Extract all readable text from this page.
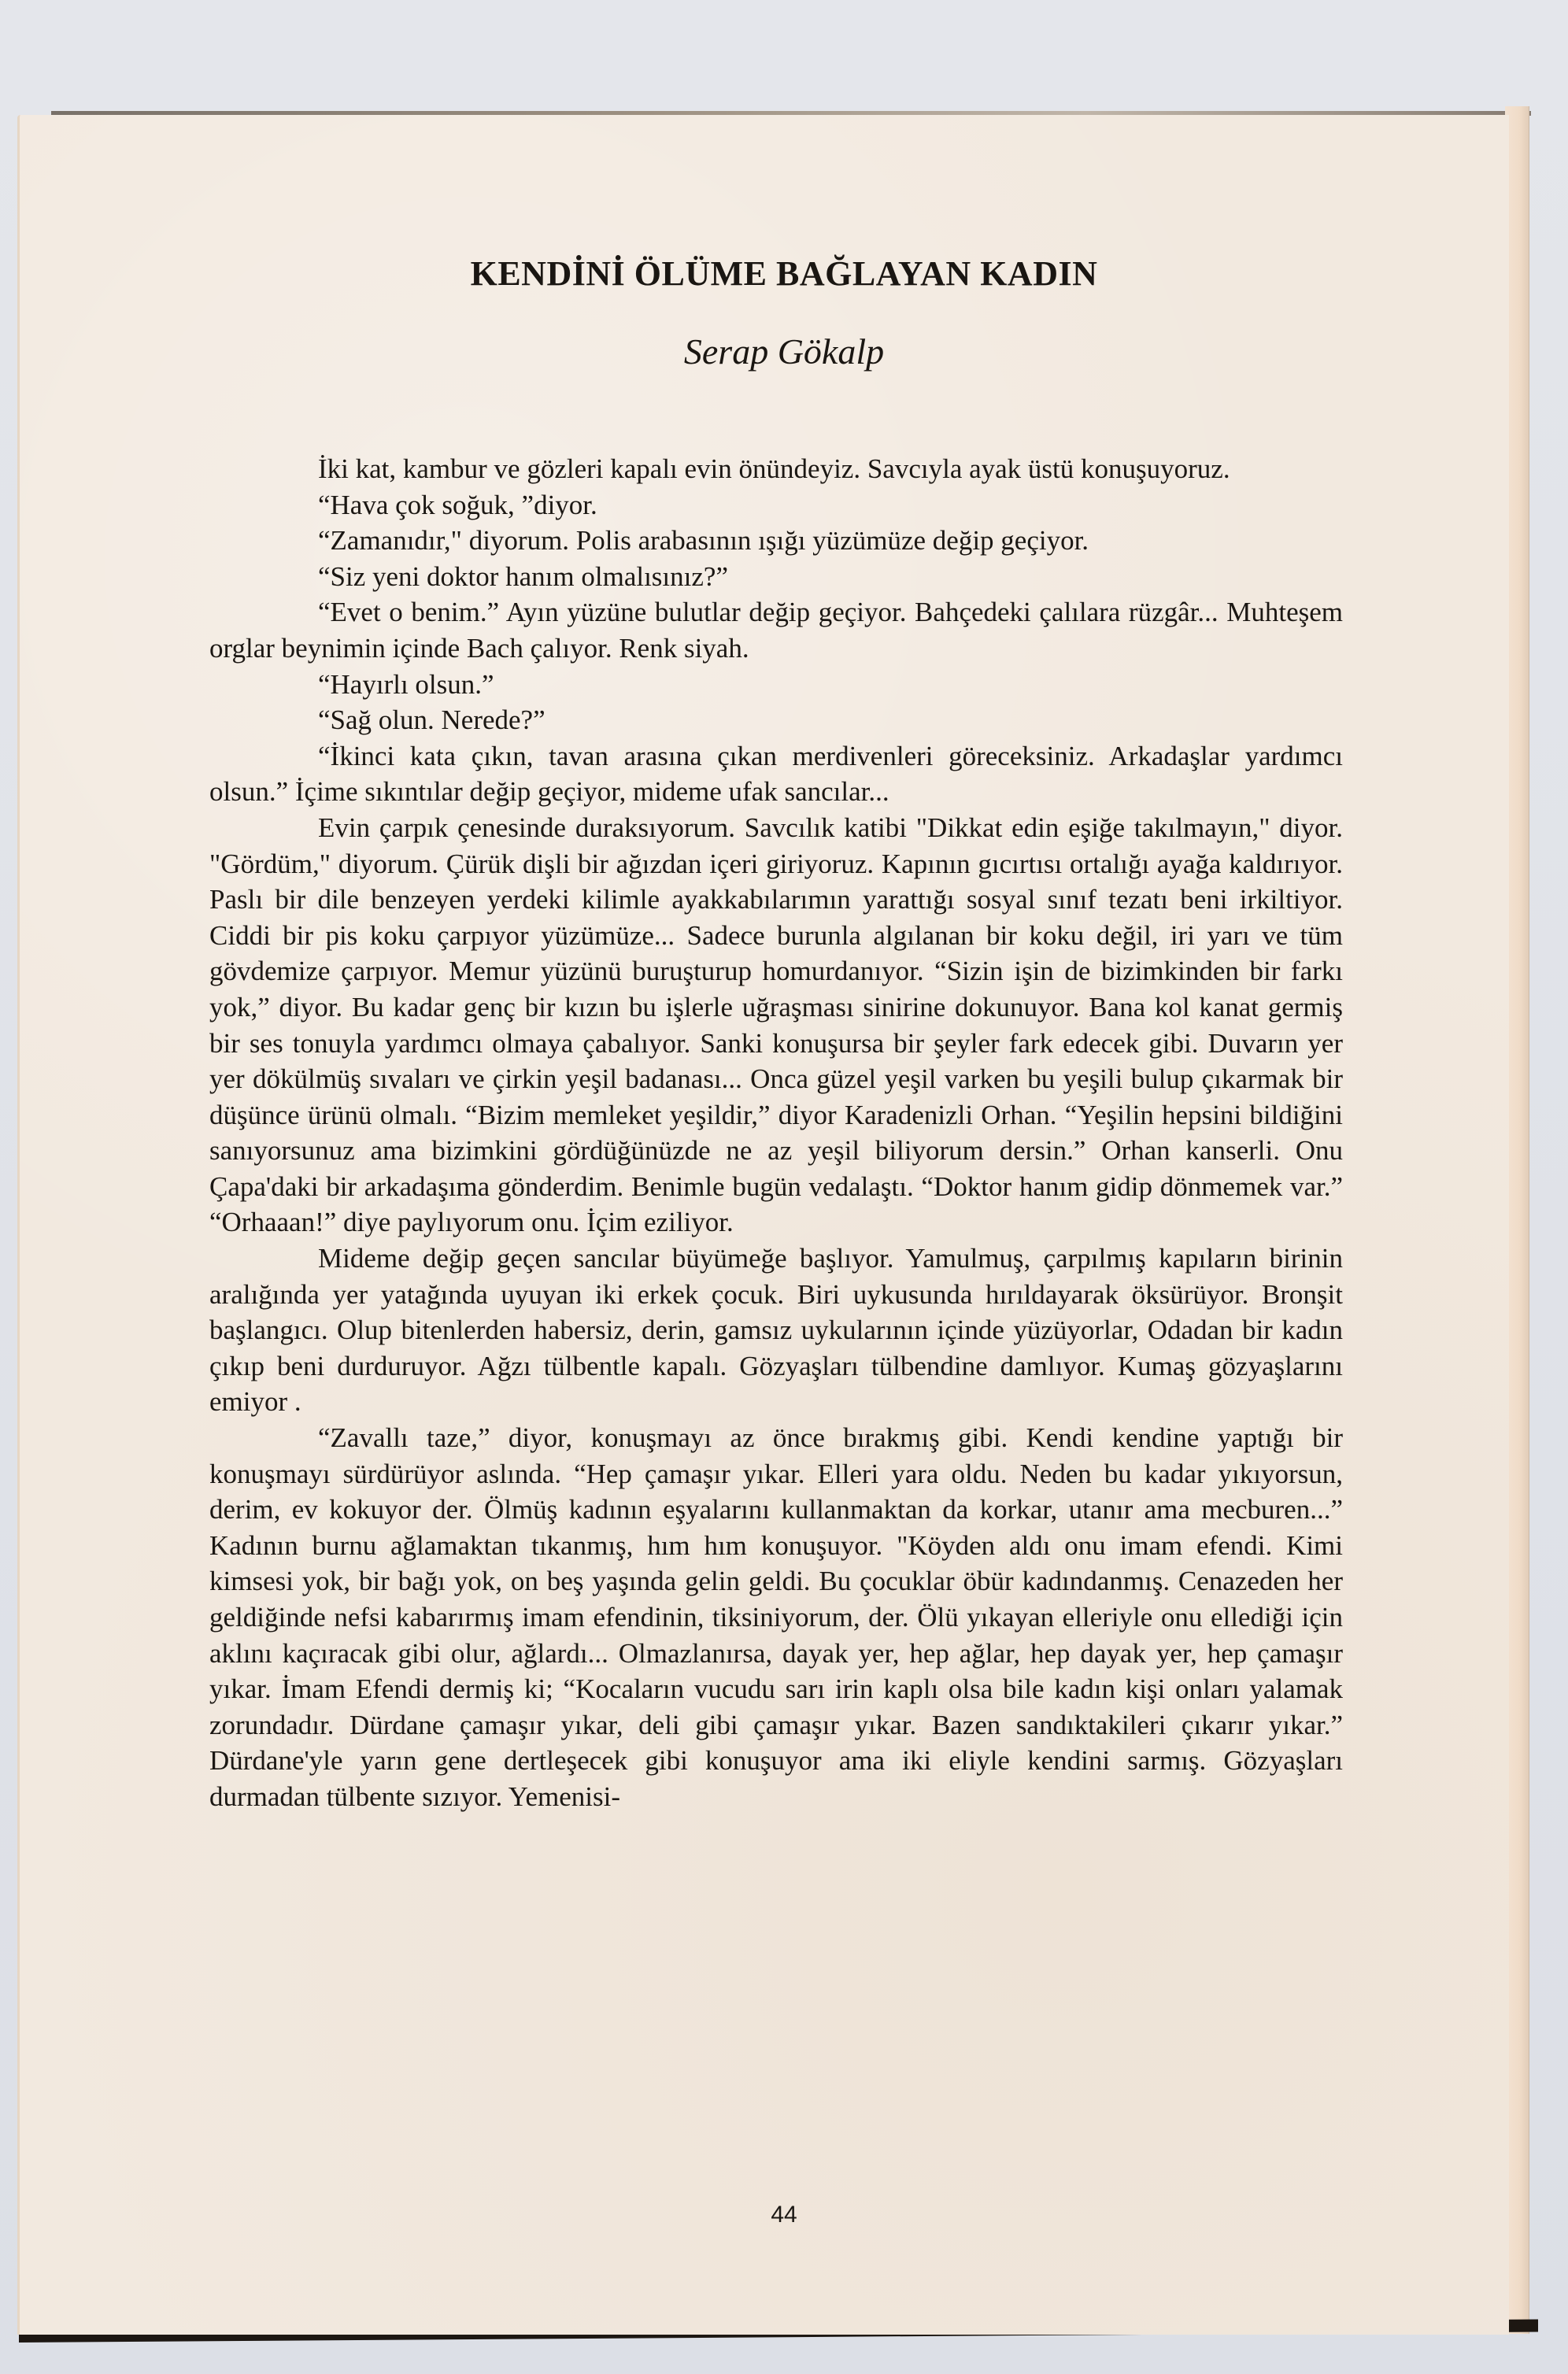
KENDİNİ ÖLÜME BAĞLAYAN KADIN
Serap Gökalp

İki kat, kambur ve gözleri kapalı evin önündeyiz. Savcıyla ayak üstü konuşuyoruz.

“Hava çok soğuk, ”diyor.

“Zamanıdır," diyorum. Polis arabasının ışığı yüzümüze değip geçiyor.

“Siz yeni doktor hanım olmalısınız?”

“Evet o benim.” Ayın yüzüne bulutlar değip geçiyor. Bahçedeki çalılara rüzgâr... Muhteşem orglar beynimin içinde Bach çalıyor. Renk siyah.

“Hayırlı olsun.”

“Sağ olun. Nerede?”

“İkinci kata çıkın, tavan arasına çıkan merdivenleri göreceksiniz. Arkadaşlar yardımcı olsun.” İçime sıkıntılar değip geçiyor, mideme ufak sancılar...

Evin çarpık çenesinde duraksıyorum. Savcılık katibi "Dikkat edin eşiğe takılmayın," diyor. "Gördüm," diyorum. Çürük dişli bir ağızdan içeri giriyoruz. Kapının gıcırtısı ortalığı ayağa kaldırıyor. Paslı bir dile benzeyen yerdeki kilimle ayakkabılarımın yarattığı sosyal sınıf tezatı beni irkiltiyor. Ciddi bir pis koku çarpıyor yüzümüze... Sadece burunla algılanan bir koku değil, iri yarı ve tüm gövdemize çarpıyor. Memur yüzünü buruşturup homurdanıyor. “Sizin işin de bizimkinden bir farkı yok,” diyor. Bu kadar genç bir kızın bu işlerle uğraşması sinirine dokunuyor. Bana kol kanat germiş bir ses tonuyla yardımcı olmaya çabalıyor. Sanki konuşursa bir şeyler fark edecek gibi. Duvarın yer yer dökülmüş sıvaları ve çirkin yeşil badanası... Onca güzel yeşil varken bu yeşili bulup çıkarmak bir düşünce ürünü olmalı. “Bizim memleket yeşildir,” diyor Karadenizli Orhan. “Yeşilin hepsini bildiğini sanıyorsunuz ama bizimkini gördüğünüzde ne az yeşil biliyorum dersin.” Orhan kanserli. Onu Çapa'daki bir arkadaşıma gönderdim. Benimle bugün vedalaştı. “Doktor hanım gidip dönmemek var.” “Orhaaan!” diye paylıyorum onu. İçim eziliyor.

Mideme değip geçen sancılar büyümeğe başlıyor. Yamulmuş, çarpılmış kapıların birinin aralığında yer yatağında uyuyan iki erkek çocuk. Biri uykusunda hırıldayarak öksürüyor. Bronşit başlangıcı. Olup bitenlerden habersiz, derin, gamsız uykularının içinde yüzüyorlar, Odadan bir kadın çıkıp beni durduruyor. Ağzı tülbentle kapalı. Gözyaşları tülbendine damlıyor. Kumaş gözyaşlarını emiyor .

“Zavallı taze,” diyor, konuşmayı az önce bırakmış gibi. Kendi kendine yaptığı bir konuşmayı sürdürüyor aslında. “Hep çamaşır yıkar. Elleri yara oldu. Neden bu kadar yıkıyorsun, derim, ev kokuyor der. Ölmüş kadının eşyalarını kullanmaktan da korkar, utanır ama mecburen...” Kadının burnu ağlamaktan tıkanmış, hım hım konuşuyor. "Köyden aldı onu imam efendi. Kimi kimsesi yok, bir bağı yok, on beş yaşında gelin geldi. Bu çocuklar öbür kadındanmış. Cenazeden her geldiğinde nefsi kabarırmış imam efendinin, tiksiniyorum, der. Ölü yıkayan elleriyle onu ellediği için aklını kaçıracak gibi olur, ağlardı... Olmazlanırsa, dayak yer, hep ağlar, hep dayak yer, hep çamaşır yıkar. İmam Efendi dermiş ki; “Kocaların vucudu sarı irin kaplı olsa bile kadın kişi onları yalamak zorundadır. Dürdane çamaşır yıkar, deli gibi çamaşır yıkar. Bazen sandıktakileri çıkarır yıkar.” Dürdane'yle yarın gene dertleşecek gibi konuşuyor ama iki eliyle kendini sarmış. Gözyaşları durmadan tülbente sızıyor. Yemenisi-

44
